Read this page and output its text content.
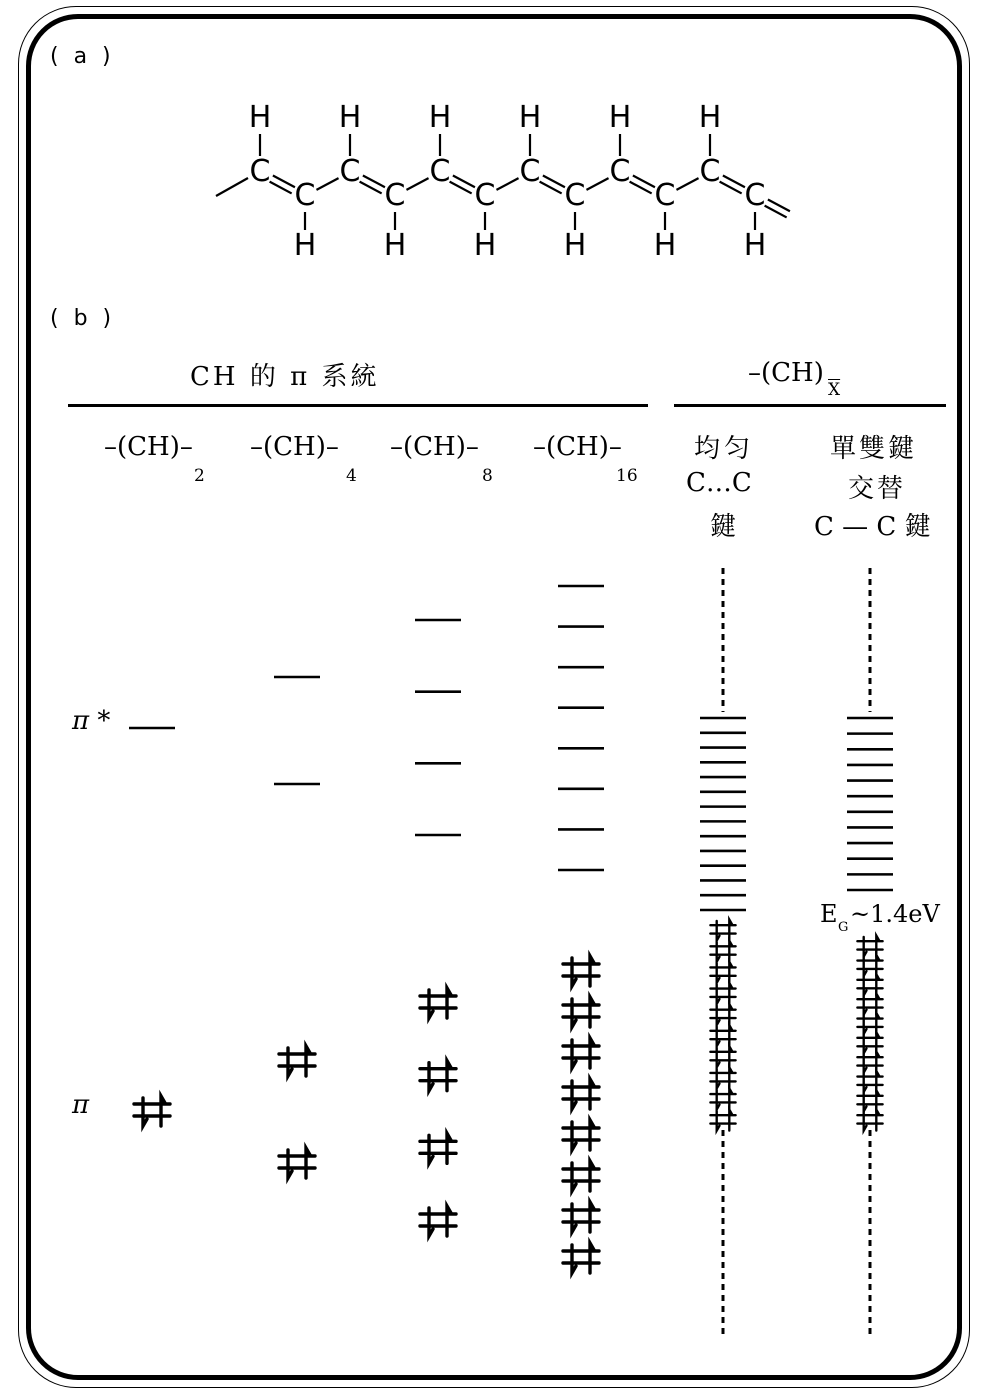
( a )
( b )
C
H
C
H
C
H
C
H
C
H
C
H
C
H
C
H
C
H
C
H
C
H
C
H
CH 的 π 系統	–(CH)
$\overline{X}$
–(CH)–
2
–(CH)–
4
–(CH)–
8
–(CH)–
16
均匀
C…C
鍵
單雙鍵
交替
C — C 鍵
π *
π
E G ~1.4eV
